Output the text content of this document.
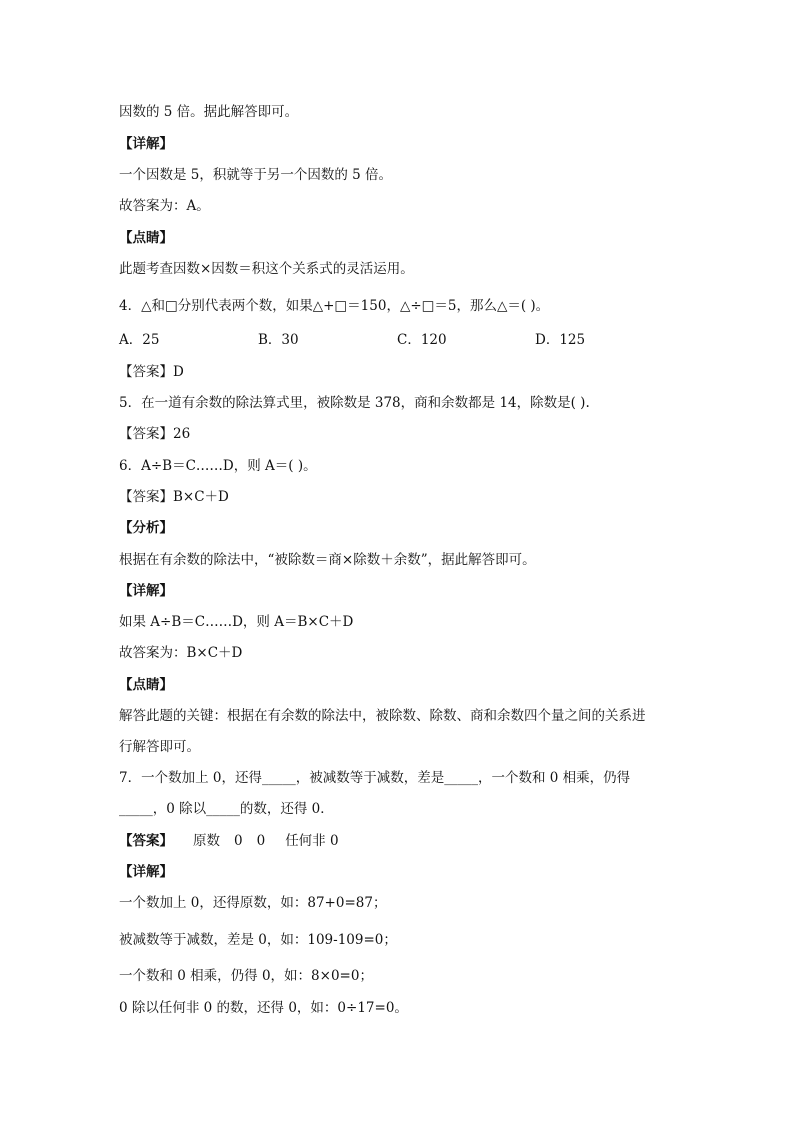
因数的 5 倍。据此解答即可。
【详解】
一个因数是 5，积就等于另一个因数的 5 倍。
故答案为：A。
【点睛】
此题考查因数×因数＝积这个关系式的灵活运用。
4．△和□分别代表两个数，如果△+□＝150，△÷□＝5，那么△＝( )。
A．25	B．30	C．120	D．125
【答案】D
5．在一道有余数的除法算式里，被除数是 378，商和余数都是 14，除数是( ).
【答案】26
6．A÷B＝C……D，则 A＝( )。
【答案】B×C＋D
【分析】
根据在有余数的除法中，“被除数＝商×除数＋余数”，据此解答即可。
【详解】
如果 A÷B＝C……D，则 A＝B×C＋D
故答案为：B×C＋D
【点睛】
解答此题的关键：根据在有余数的除法中，被除数、除数、商和余数四个量之间的关系进
行解答即可。
7．一个数加上 0，还得_____，被减数等于减数，差是_____，一个数和 0 相乘，仍得
_____，0 除以_____的数，还得 0．
【答案】 原数 0 0 任何非 0
【详解】
一个数加上 0，还得原数，如：87+0=87；
被减数等于减数，差是 0，如：109-109=0；
一个数和 0 相乘，仍得 0，如：8×0=0；
0 除以任何非 0 的数，还得 0，如：0÷17=0。
